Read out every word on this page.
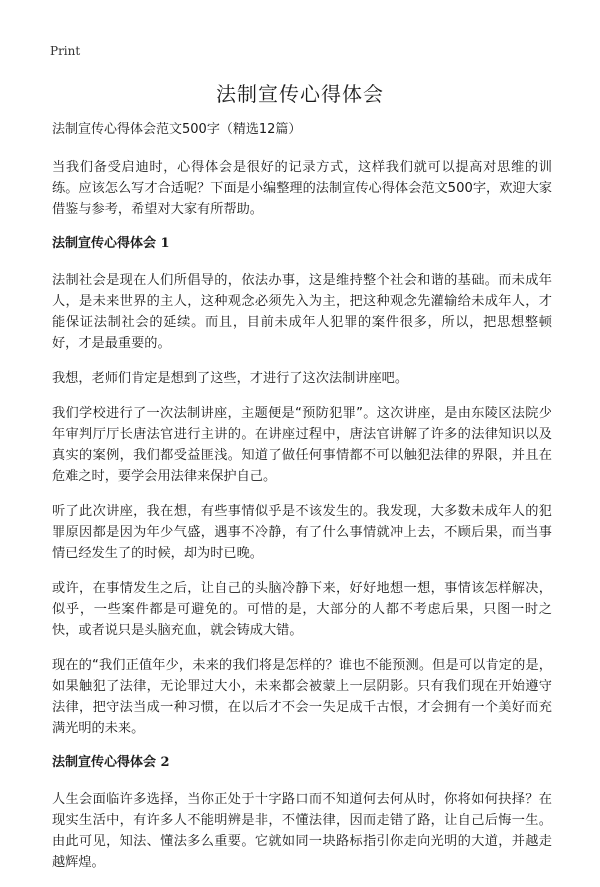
Print
法制宣传心得体会
法制宣传心得体会范文500字（精选12篇）

当我们备受启迪时，心得体会是很好的记录方式，这样我们就可以提高对思维的训练。应该怎么写才合适呢？下面是小编整理的法制宣传心得体会范文500字，欢迎大家借鉴与参考，希望对大家有所帮助。

法制宣传心得体会 1

法制社会是现在人们所倡导的，依法办事，这是维持整个社会和谐的基础。而未成年人，是未来世界的主人，这种观念必须先入为主，把这种观念先灌输给未成年人，才能保证法制社会的延续。而且，目前未成年人犯罪的案件很多，所以，把思想整顿好，才是最重要的。

我想，老师们肯定是想到了这些，才进行了这次法制讲座吧。

我们学校进行了一次法制讲座，主题便是“预防犯罪”。这次讲座，是由东陵区法院少年审判厅厅长唐法官进行主讲的。在讲座过程中，唐法官讲解了许多的法律知识以及真实的案例，我们都受益匪浅。知道了做任何事情都不可以触犯法律的界限，并且在危难之时，要学会用法律来保护自己。

听了此次讲座，我在想，有些事情似乎是不该发生的。我发现，大多数未成年人的犯罪原因都是因为年少气盛，遇事不冷静，有了什么事情就冲上去，不顾后果，而当事情已经发生了的时候，却为时已晚。

或许，在事情发生之后，让自己的头脑冷静下来，好好地想一想，事情该怎样解决，似乎，一些案件都是可避免的。可惜的是，大部分的人都不考虑后果，只图一时之快，或者说只是头脑充血，就会铸成大错。

现在的“我们正值年少，未来的我们将是怎样的？谁也不能预测。但是可以肯定的是，如果触犯了法律，无论罪过大小，未来都会被蒙上一层阴影。只有我们现在开始遵守法律，把守法当成一种习惯，在以后才不会一失足成千古恨，才会拥有一个美好而充满光明的未来。

法制宣传心得体会 2

人生会面临许多选择，当你正处于十字路口而不知道何去何从时，你将如何抉择？在现实生活中，有许多人不能明辨是非，不懂法律，因而走错了路，让自己后悔一生。由此可见，知法、懂法多么重要。它就如同一块路标指引你走向光明的大道，并越走越辉煌。
